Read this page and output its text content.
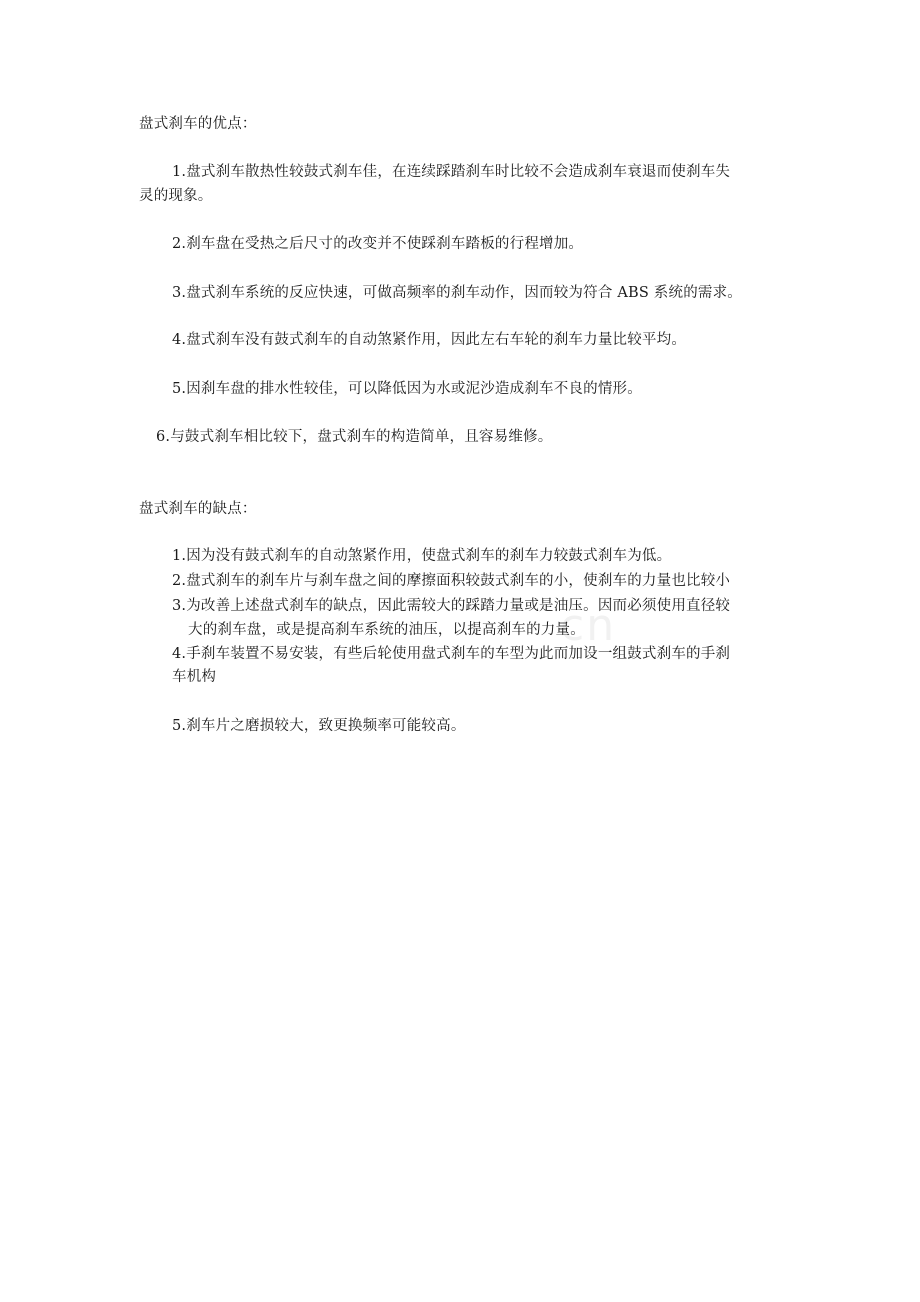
cn
盘式刹车的优点：
1.盘式刹车散热性较鼓式刹车佳，在连续踩踏刹车时比较不会造成刹车衰退而使刹车失
灵的现象。
2.刹车盘在受热之后尺寸的改变并不使踩刹车踏板的行程增加。
3.盘式刹车系统的反应快速，可做高频率的刹车动作，因而较为符合 ABS 系统的需求。
4.盘式刹车没有鼓式刹车的自动煞紧作用，因此左右车轮的刹车力量比较平均。
5.因刹车盘的排水性较佳，可以降低因为水或泥沙造成刹车不良的情形。
6.与鼓式刹车相比较下，盘式刹车的构造简单，且容易维修。
盘式刹车的缺点：
1.因为没有鼓式刹车的自动煞紧作用，使盘式刹车的刹车力较鼓式刹车为低。
2.盘式刹车的刹车片与刹车盘之间的摩擦面积较鼓式刹车的小，使刹车的力量也比较小
3.为改善上述盘式刹车的缺点，因此需较大的踩踏力量或是油压。因而必须使用直径较
大的刹车盘，或是提高刹车系统的油压，以提高刹车的力量。
4.手刹车装置不易安装，有些后轮使用盘式刹车的车型为此而加设一组鼓式刹车的手刹
车机构
5.刹车片之磨损较大，致更换频率可能较高。
